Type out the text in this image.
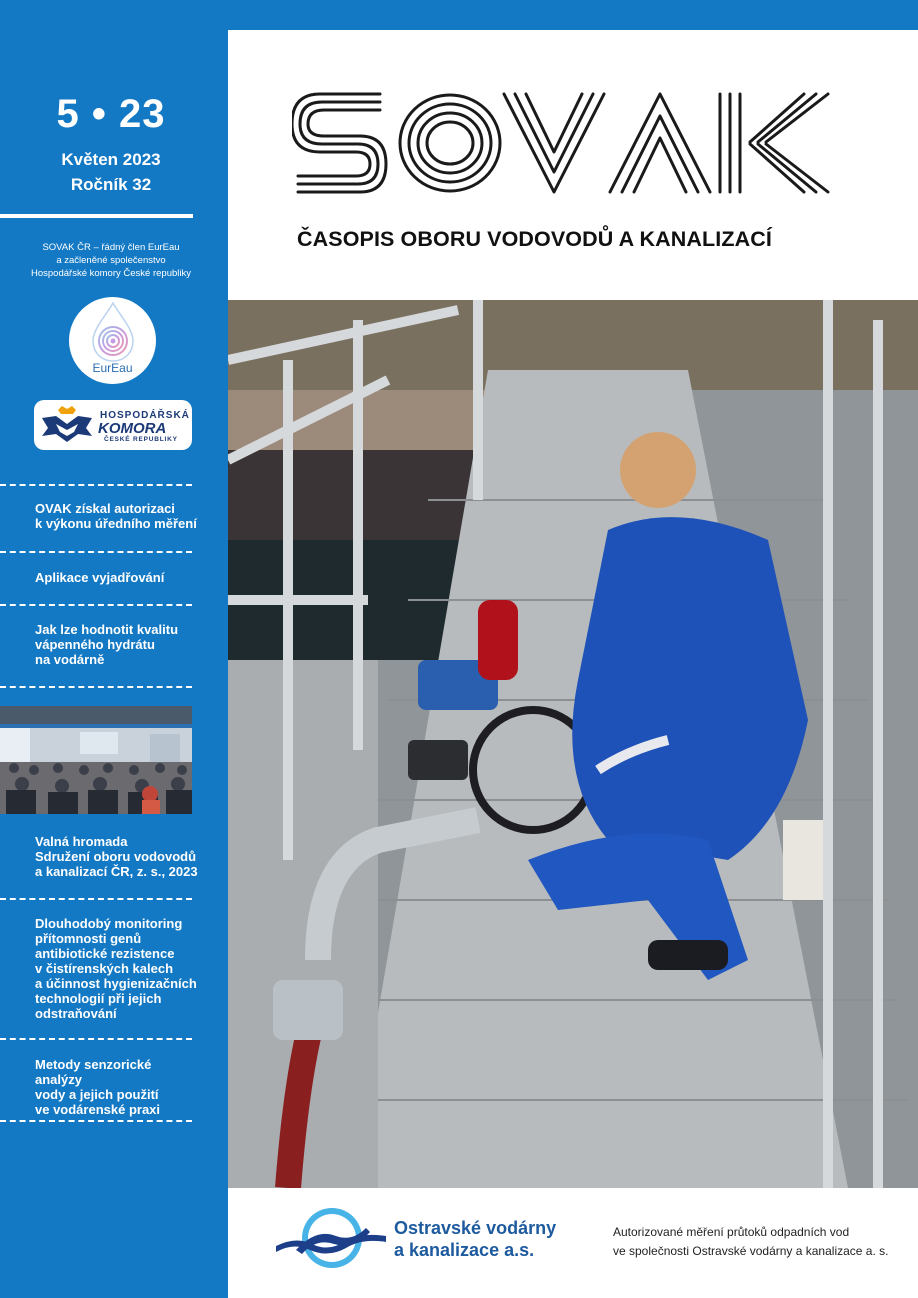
5 • 23
Květen 2023
Ročník 32
SOVAK ČR – řádný člen EurEau
a začleněné společenstvo
Hospodářské komory České republiky
EurEau
HOSPODÁŘSKÁ
KOMORA
ČESKÉ REPUBLIKY
OVAK získal autorizaci
k výkonu úředního měření
Aplikace vyjadřování
Jak lze hodnotit kvalitu
vápenného hydrátu
na vodárně
Valná hromada
Sdružení oboru vodovodů
a kanalizací ČR, z. s., 2023
Dlouhodobý monitoring
přítomnosti genů
antibiotické rezistence
v čistírenských kalech
a účinnost hygienizačních
technologií při jejich
odstraňování
Metody senzorické analýzy
vody a jejich použití
ve vodárenské praxi
ČASOPIS OBORU VODOVODŮ A KANALIZACÍ
Ostravské vodárny
a kanalizace a.s.
Autorizované měření průtoků odpadních vod
ve společnosti Ostravské vodárny a kanalizace a. s.
